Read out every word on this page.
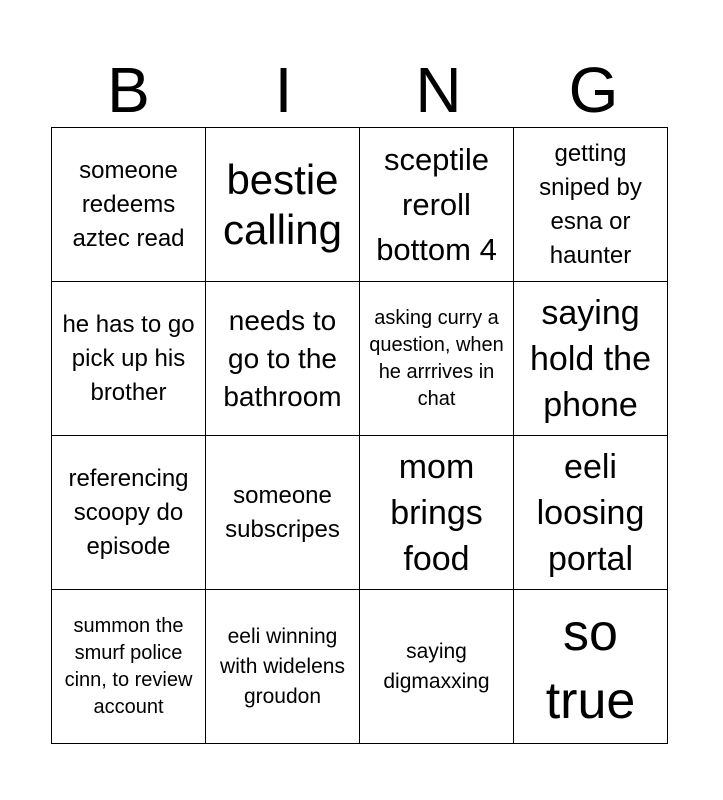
B	I	N	G
someone redeems aztec read	bestie calling	sceptile reroll bottom 4	getting sniped by esna or haunter

he has to go pick up his brother	needs to go to the bathroom	asking curry a question, when he arrrives in chat	saying hold the phone

referencing scoopy do episode	someone subscripes	mom brings food	eeli loosing portal

summon the smurf police cinn, to review account	eeli winning with widelens groudon	saying digmaxxing	so true
